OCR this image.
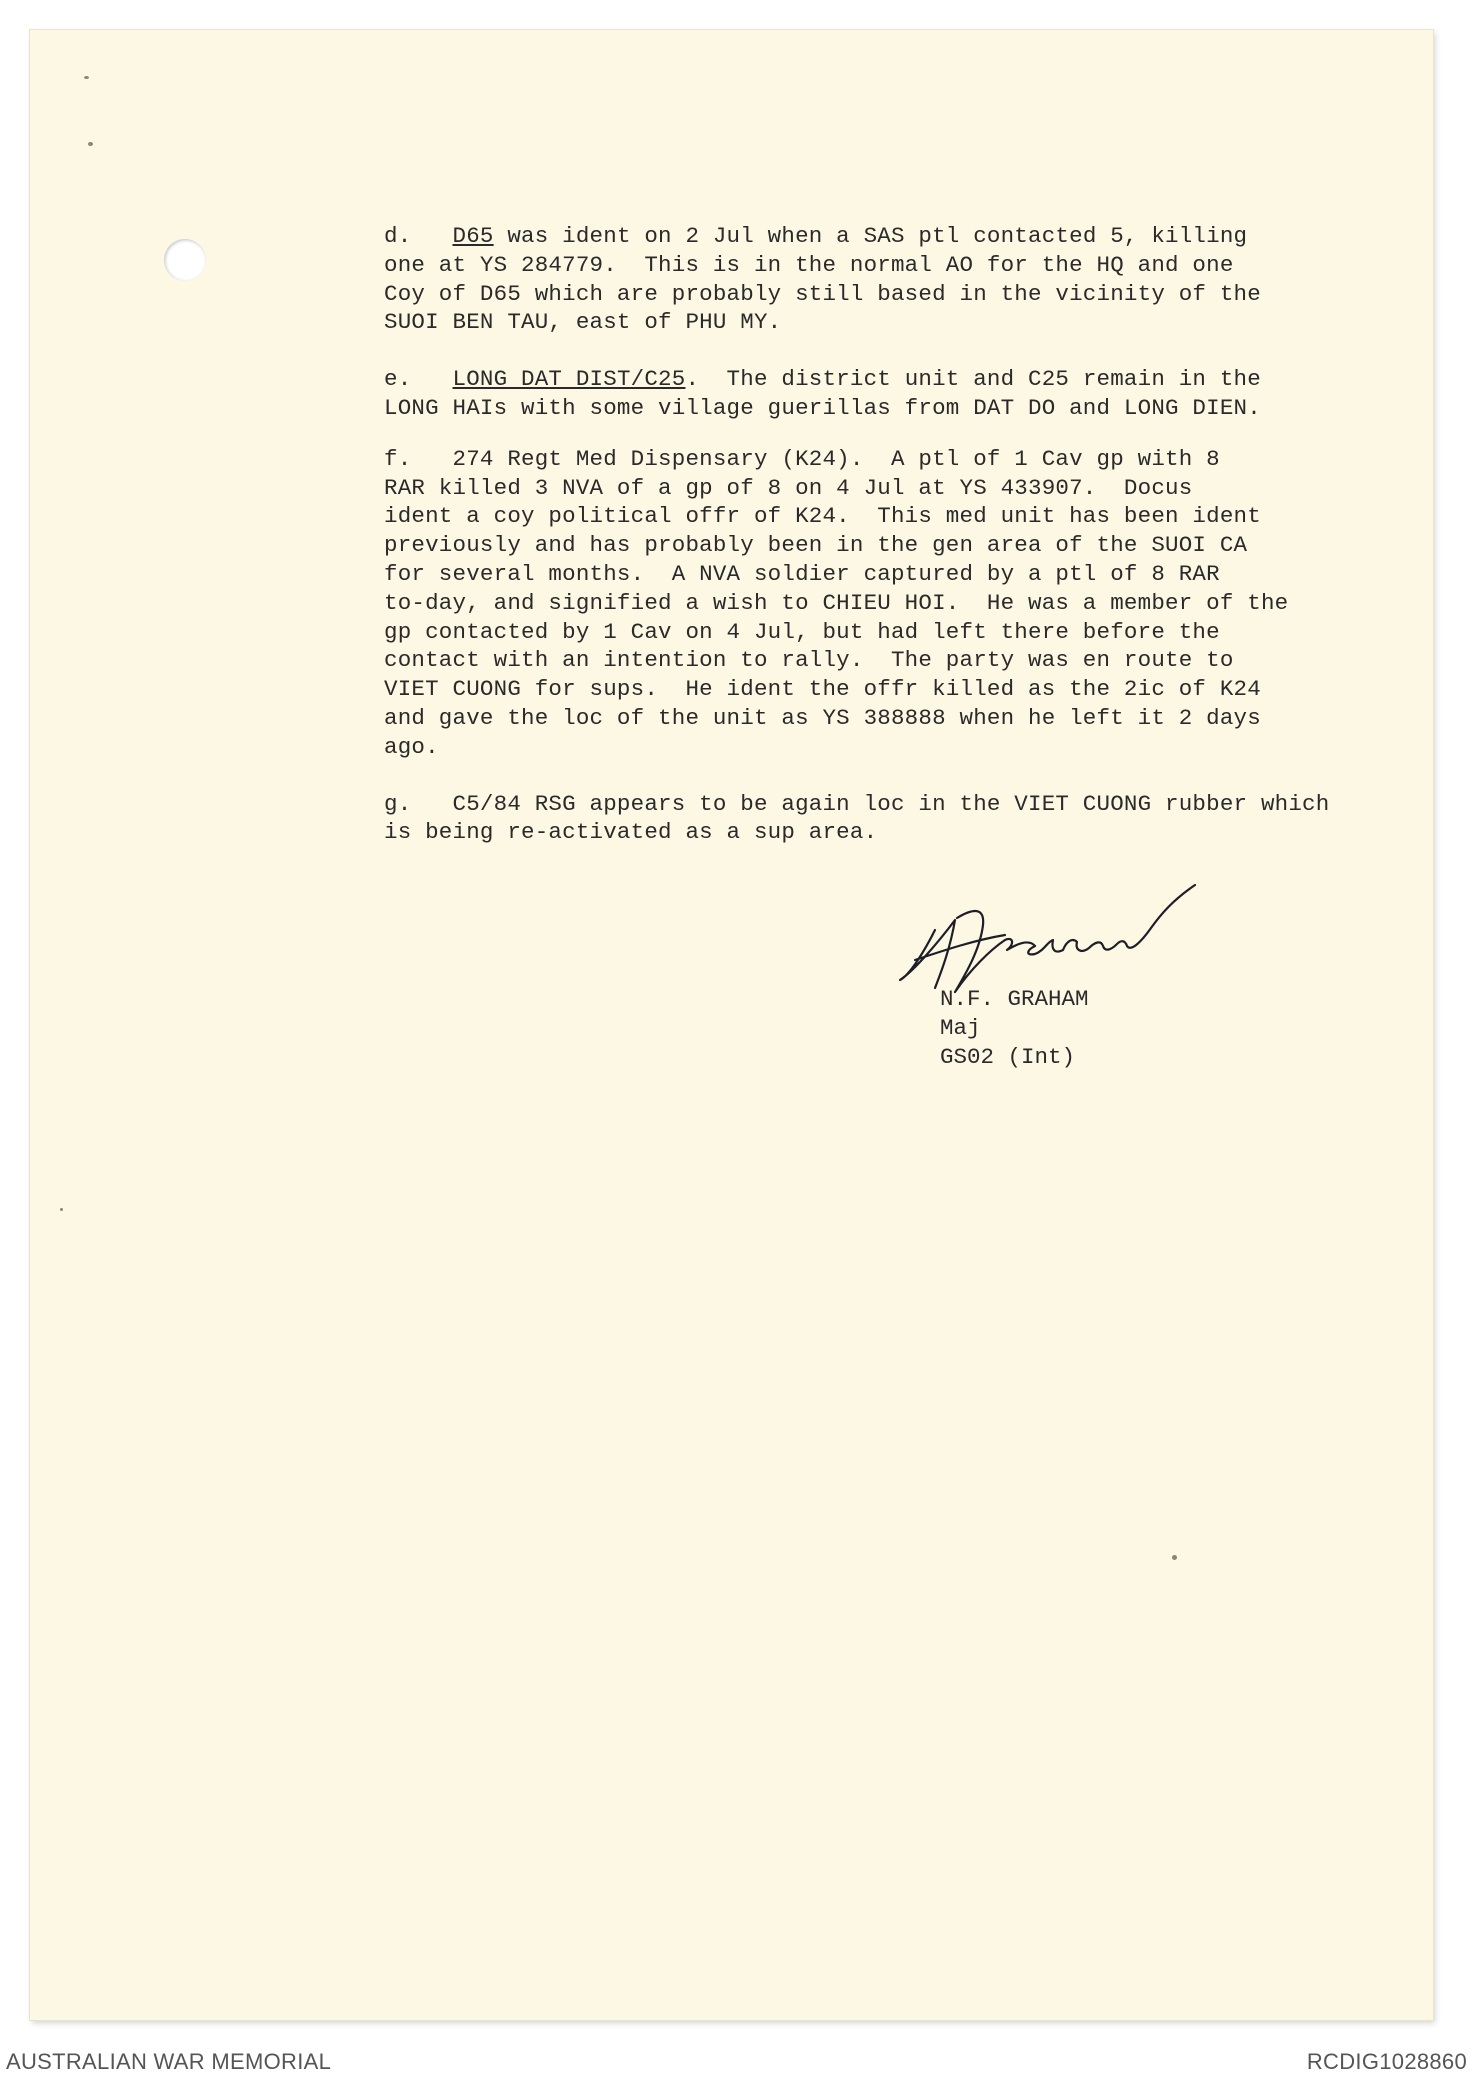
d.   D65 was ident on 2 Jul when a SAS ptl contacted 5, killing
one at YS 284779.  This is in the normal AO for the HQ and one
Coy of D65 which are probably still based in the vicinity of the
SUOI BEN TAU, east of PHU MY.
e.   LONG DAT DIST/C25.  The district unit and C25 remain in the
LONG HAIs with some village guerillas from DAT DO and LONG DIEN.
f.   274 Regt Med Dispensary (K24).  A ptl of 1 Cav gp with 8
RAR killed 3 NVA of a gp of 8 on 4 Jul at YS 433907.  Docus
ident a coy political offr of K24.  This med unit has been ident
previously and has probably been in the gen area of the SUOI CA
for several months.  A NVA soldier captured by a ptl of 8 RAR
to-day, and signified a wish to CHIEU HOI.  He was a member of the
gp contacted by 1 Cav on 4 Jul, but had left there before the
contact with an intention to rally.  The party was en route to
VIET CUONG for sups.  He ident the offr killed as the 2ic of K24
and gave the loc of the unit as YS 388888 when he left it 2 days
ago.
g.   C5/84 RSG appears to be again loc in the VIET CUONG rubber which
is being re-activated as a sup area.
N.F. GRAHAM
Maj
GS02 (Int)
AUSTRALIAN WAR MEMORIAL	RCDIG1028860
